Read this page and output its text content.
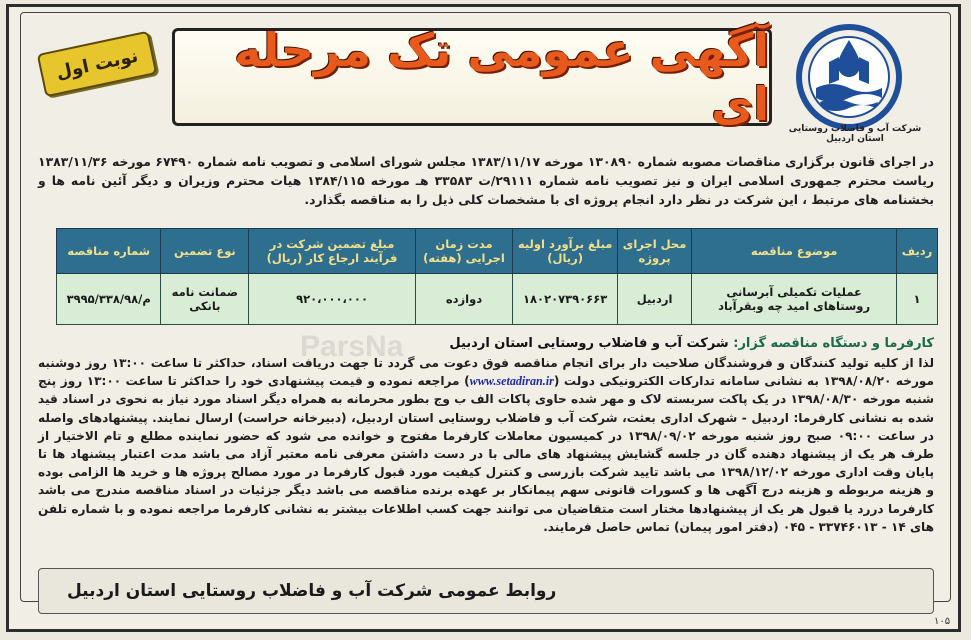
نوبت اول	آگهی عمومی تک مرحله ای	شرکت آب و فاضلاب روستایی استان اردبیل
در اجرای قانون برگزاری مناقصات مصوبه شماره ۱۳۰۸۹۰ مورخه ۱۳۸۳/۱۱/۱۷ مجلس شورای اسلامی و تصویب نامه شماره ۶۷۴۹۰ مورخه ۱۳۸۳/۱۱/۳۶ ریاست محترم جمهوری اسلامی ایران و نیز تصویب نامه شماره ۲۹۱۱۱/ت ۳۳۵۸۳ هـ مورخه ۱۳۸۴/۱۱۵ هیات محترم وزیران و دیگر آئین نامه ها و بخشنامه های مرتبط ، این شرکت در نظر دارد انجام پروژه ای با مشخصات کلی ذیل را به مناقصه بگذارد.
ردیف	موضوع مناقصه	محل اجرای پروژه	مبلغ برآورد اولیه (ریال)	مدت زمان اجرایی (هفته)	مبلغ تضمین شرکت در فرآیند ارجاع کار (ریال)	نوع تضمین	شماره مناقصه
۱	عملیات تکمیلی آبرسانی روستاهای امید چه وبقرآباد	اردبیل	۱۸۰۲۰۷۳۹۰۶۶۳	دوازده	۹۲۰،۰۰۰،۰۰۰	ضمانت نامه بانکی	م/۳۹۹۵/۳۳۸/۹۸
ParsNa	کارفرما و دستگاه مناقصه گزار: شرکت آب و فاضلاب روستایی استان اردبیل
لذا از کلیه تولید کنندگان و فروشندگان صلاحیت دار برای انجام مناقصه فوق دعوت می گردد تا جهت دریافت اسناد، حداکثر تا ساعت ۱۳:۰۰ روز دوشنبه مورخه ۱۳۹۸/۰۸/۲۰ به نشانی سامانه تدارکات الکترونیکی دولت (www.setadiran.ir) مراجعه نموده و قیمت پیشنهادی خود را حداکثر تا ساعت ۱۳:۰۰ روز پنج شنبه مورخه ۱۳۹۸/۰۸/۳۰ در یک پاکت سربسته لاک و مهر شده حاوی پاکات الف ب وج بطور محرمانه به همراه دیگر اسناد مورد نیاز به نحوی در اسناد قید شده به نشانی کارفرما: اردبیل - شهرک اداری بعثت، شرکت آب و فاضلاب روستایی استان اردبیل، (دبیرخانه حراست) ارسال نمایند. پیشنهادهای واصله در ساعت ۰۹:۰۰ صبح روز شنبه مورخه ۱۳۹۸/۰۹/۰۲ در کمیسیون معاملات کارفرما مفتوح و خوانده می شود که حضور نماینده مطلع و تام الاختیار از طرف هر یک از پیشنهاد دهنده گان در جلسه گشایش پیشنهاد های مالی با در دست داشتن معرفی نامه معتبر آزاد می باشد مدت اعتبار پیشنهاد ها تا پایان وقت اداری مورخه ۱۳۹۸/۱۲/۰۲ می باشد تایید شرکت بازرسی و کنترل کیفیت مورد قبول کارفرما در مورد مصالح پروژه ها و خرید ها الزامی بوده و هزینه مربوطه و هزینه درج آگهی ها و کسورات قانونی سهم پیمانکار بر عهده برنده مناقصه می باشد دیگر جزئیات در اسناد مناقصه مندرج می باشد کارفرما دررد یا قبول هر یک از پیشنهادها مختار است متقاضیان می توانند جهت کسب اطلاعات بیشتر به نشانی کارفرما مراجعه نموده و با شماره تلفن های ۱۴ - ۳۳۷۴۶۰۱۳ - ۰۴۵ (دفتر امور پیمان) تماس حاصل فرمایند.
روابط عمومی شرکت آب و فاضلاب روستایی استان اردبیل
۱۰۵
